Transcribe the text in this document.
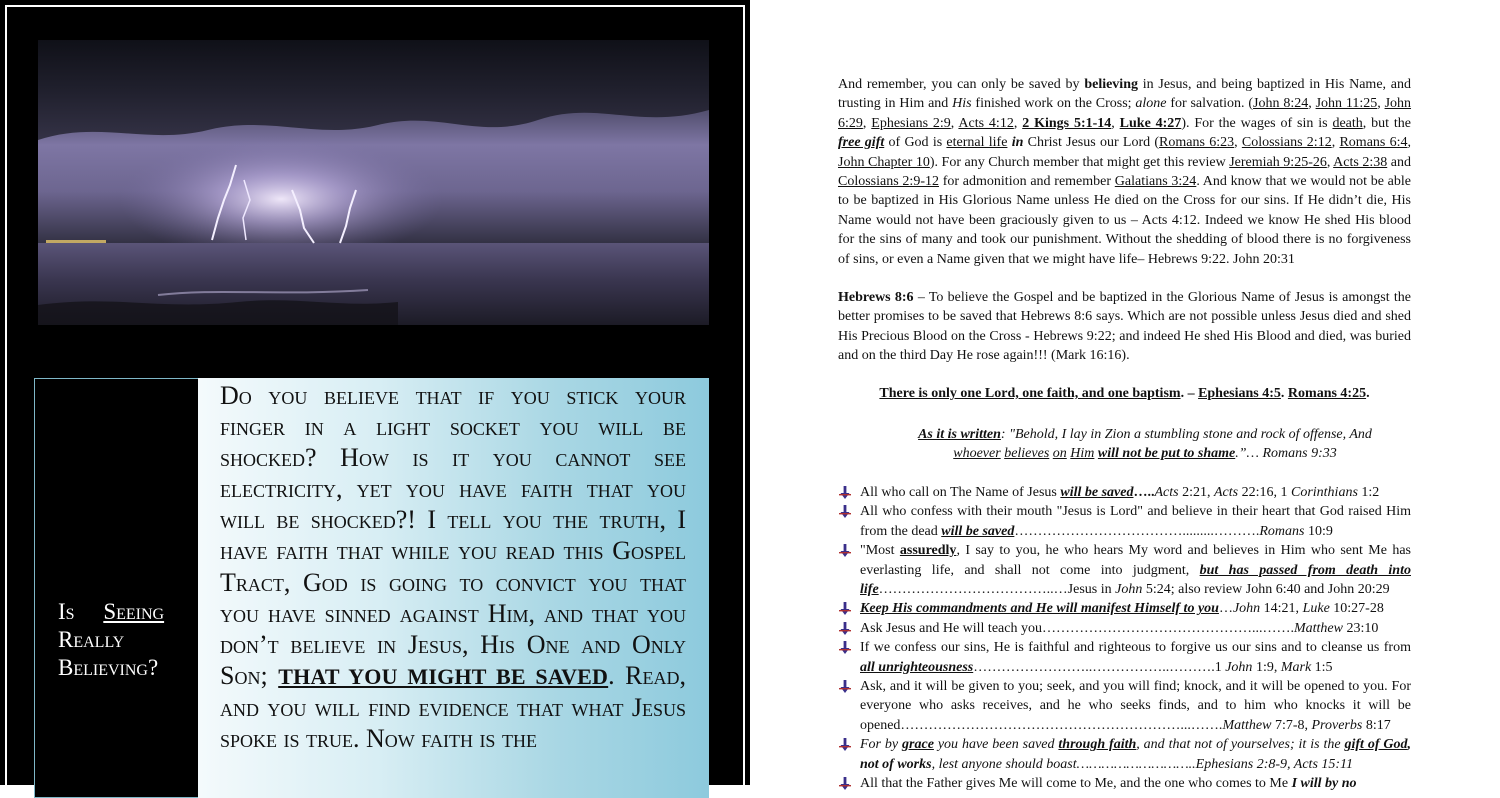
Is Seeing
Really
Believing?

Do you believe that if you stick your finger in a light socket you will be shocked? How is it you cannot see electricity, yet you have faith that you will be shocked?! I tell you the truth, I have faith that while you read this Gospel Tract, God is going to convict you that you have sinned against Him, and that you don’t believe in Jesus, His One and Only Son; THAT YOU MIGHT BE SAVED. Read, and you will find evidence that what Jesus spoke is true. Now faith is the

And remember, you can only be saved by believing in Jesus, and being baptized in His Name, and trusting in Him and His finished work on the Cross; alone for salvation. (John 8:24, John 11:25, John 6:29, Ephesians 2:9, Acts 4:12, 2 Kings 5:1-14, Luke 4:27). For the wages of sin is death, but the free gift of God is eternal life in Christ Jesus our Lord (Romans 6:23, Colossians 2:12, Romans 6:4, John Chapter 10). For any Church member that might get this review Jeremiah 9:25-26, Acts 2:38 and Colossians 2:9-12 for admonition and remember Galatians 3:24. And know that we would not be able to be baptized in His Glorious Name unless He died on the Cross for our sins. If He didn’t die, His Name would not have been graciously given to us – Acts 4:12. Indeed we know He shed His blood for the sins of many and took our punishment. Without the shedding of blood there is no forgiveness of sins, or even a Name given that we might have life– Hebrews 9:22. John 20:31

Hebrews 8:6 – To believe the Gospel and be baptized in the Glorious Name of Jesus is amongst the better promises to be saved that Hebrews 8:6 says. Which are not possible unless Jesus died and shed His Precious Blood on the Cross - Hebrews 9:22; and indeed He shed His Blood and died, was buried and on the third Day He rose again!!! (Mark 16:16).

There is only one Lord, one faith, and one baptism. – Ephesians 4:5. Romans 4:25.
As it is written: "Behold, I lay in Zion a stumbling stone and rock of offense, And whoever believes on Him will not be put to shame.”… Romans 9:33
All who call on The Name of Jesus will be saved…..Acts 2:21, Acts 22:16, 1 Corinthians 1:2
All who confess with their mouth "Jesus is Lord" and believe in their heart that God raised Him from the dead will be saved……………………………….........……….Romans 10:9
"Most assuredly, I say to you, he who hears My word and believes in Him who sent Me has everlasting life, and shall not come into judgment, but has passed from death into life………………………………..…Jesus in John 5:24; also review John 6:40 and John 20:29
Keep His commandments and He will manifest Himself to you…John 14:21, Luke 10:27-28
Ask Jesus and He will teach you………………………………………...…….Matthew 23:10
If we confess our sins, He is faithful and righteous to forgive us our sins and to cleanse us from all unrighteousness……………………..……………..……….1 John 1:9, Mark 1:5
Ask, and it will be given to you; seek, and you will find; knock, and it will be opened to you. For everyone who asks receives, and he who seeks finds, and to him who knocks it will be opened……………………………………………………...…….Matthew 7:7-8, Proverbs 8:17
For by grace you have been saved through faith, and that not of yourselves; it is the gift of God, not of works, lest anyone should boast………………………..Ephesians 2:8-9, Acts 15:11
All that the Father gives Me will come to Me, and the one who comes to Me I will by no
